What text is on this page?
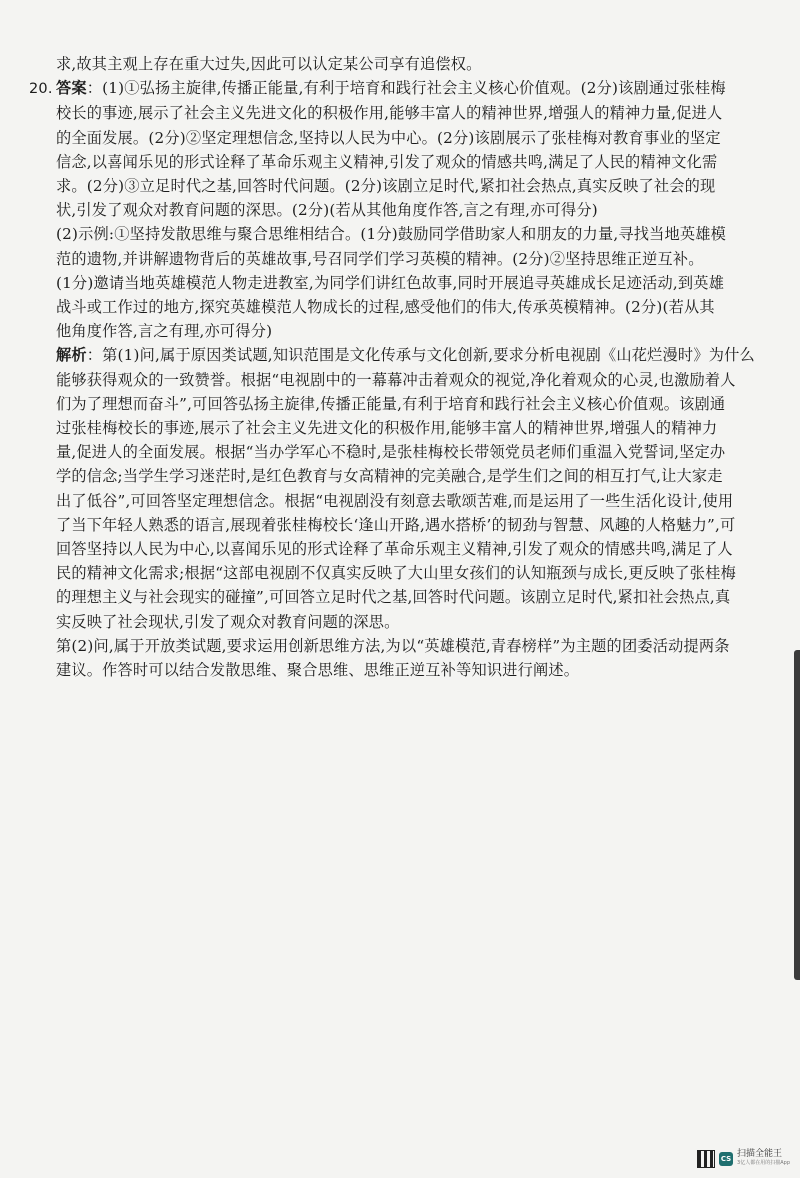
求,故其主观上存在重大过失,因此可以认定某公司享有追偿权。
20. 答案：(1)①弘扬主旋律,传播正能量,有利于培育和践行社会主义核心价值观。(2分)该剧通过张桂梅
校长的事迹,展示了社会主义先进文化的积极作用,能够丰富人的精神世界,增强人的精神力量,促进人
的全面发展。(2分)②坚定理想信念,坚持以人民为中心。(2分)该剧展示了张桂梅对教育事业的坚定
信念,以喜闻乐见的形式诠释了革命乐观主义精神,引发了观众的情感共鸣,满足了人民的精神文化需
求。(2分)③立足时代之基,回答时代问题。(2分)该剧立足时代,紧扣社会热点,真实反映了社会的现
状,引发了观众对教育问题的深思。(2分)(若从其他角度作答,言之有理,亦可得分)
(2)示例:①坚持发散思维与聚合思维相结合。(1分)鼓励同学借助家人和朋友的力量,寻找当地英雄模
范的遗物,并讲解遗物背后的英雄故事,号召同学们学习英模的精神。(2分)②坚持思维正逆互补。
(1分)邀请当地英雄模范人物走进教室,为同学们讲红色故事,同时开展追寻英雄成长足迹活动,到英雄
战斗或工作过的地方,探究英雄模范人物成长的过程,感受他们的伟大,传承英模精神。(2分)(若从其
他角度作答,言之有理,亦可得分)
解析：第(1)问,属于原因类试题,知识范围是文化传承与文化创新,要求分析电视剧《山花烂漫时》为什么
能够获得观众的一致赞誉。根据“电视剧中的一幕幕冲击着观众的视觉,净化着观众的心灵,也激励着人
们为了理想而奋斗”,可回答弘扬主旋律,传播正能量,有利于培育和践行社会主义核心价值观。该剧通
过张桂梅校长的事迹,展示了社会主义先进文化的积极作用,能够丰富人的精神世界,增强人的精神力
量,促进人的全面发展。根据“当办学军心不稳时,是张桂梅校长带领党员老师们重温入党誓词,坚定办
学的信念;当学生学习迷茫时,是红色教育与女高精神的完美融合,是学生们之间的相互打气,让大家走
出了低谷”,可回答坚定理想信念。根据“电视剧没有刻意去歌颂苦难,而是运用了一些生活化设计,使用
了当下年轻人熟悉的语言,展现着张桂梅校长‘逢山开路,遇水搭桥’的韧劲与智慧、风趣的人格魅力”,可
回答坚持以人民为中心,以喜闻乐见的形式诠释了革命乐观主义精神,引发了观众的情感共鸣,满足了人
民的精神文化需求;根据“这部电视剧不仅真实反映了大山里女孩们的认知瓶颈与成长,更反映了张桂梅
的理想主义与社会现实的碰撞”,可回答立足时代之基,回答时代问题。该剧立足时代,紧扣社会热点,真
实反映了社会现状,引发了观众对教育问题的深思。
第(2)问,属于开放类试题,要求运用创新思维方法,为以“英雄模范,青春榜样”为主题的团委活动提两条
建议。作答时可以结合发散思维、聚合思维、思维正逆互补等知识进行阐述。
CS 扫描全能王
3亿人都在用的扫描App
